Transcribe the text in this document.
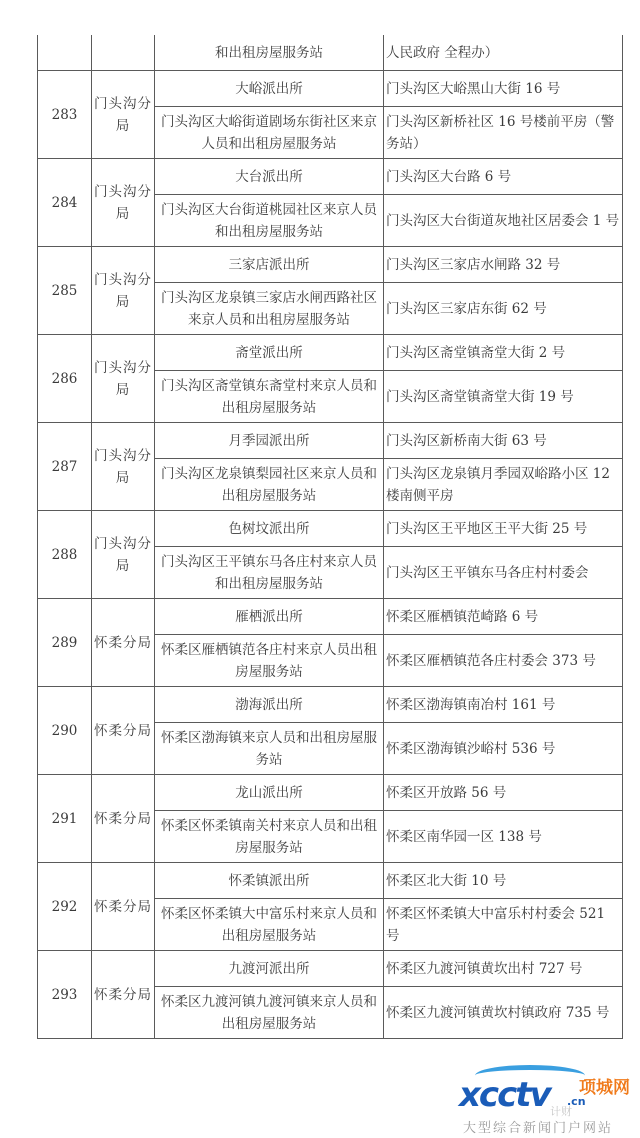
		和出租房屋服务站	人民政府 全程办）
283	门头沟分局	大峪派出所	门头沟区大峪黑山大街 16 号
		门头沟区大峪街道剧场东街社区来京人员和出租房屋服务站	门头沟区新桥社区 16 号楼前平房（警务站）
284	门头沟分局	大台派出所	门头沟区大台路 6 号
		门头沟区大台街道桃园社区来京人员和出租房屋服务站	门头沟区大台街道灰地社区居委会 1 号
285	门头沟分局	三家店派出所	门头沟区三家店水闸路 32 号
		门头沟区龙泉镇三家店水闸西路社区来京人员和出租房屋服务站	门头沟区三家店东街 62 号
286	门头沟分局	斋堂派出所	门头沟区斋堂镇斋堂大街 2 号
		门头沟区斋堂镇东斋堂村来京人员和出租房屋服务站	门头沟区斋堂镇斋堂大街 19 号
287	门头沟分局	月季园派出所	门头沟区新桥南大街 63 号
		门头沟区龙泉镇梨园社区来京人员和出租房屋服务站	门头沟区龙泉镇月季园双峪路小区 12 楼南侧平房
288	门头沟分局	色树坟派出所	门头沟区王平地区王平大街 25 号
		门头沟区王平镇东马各庄村来京人员和出租房屋服务站	门头沟区王平镇东马各庄村村委会
289	怀柔分局	雁栖派出所	怀柔区雁栖镇范崎路 6 号
		怀柔区雁栖镇范各庄村来京人员出租房屋服务站	怀柔区雁栖镇范各庄村委会 373 号
290	怀柔分局	渤海派出所	怀柔区渤海镇南冶村 161 号
		怀柔区渤海镇来京人员和出租房屋服务站	怀柔区渤海镇沙峪村 536 号
291	怀柔分局	龙山派出所	怀柔区开放路 56 号
		怀柔区怀柔镇南关村来京人员和出租房屋服务站	怀柔区南华园一区 138 号
292	怀柔分局	怀柔镇派出所	怀柔区北大街 10 号
		怀柔区怀柔镇大中富乐村来京人员和出租房屋服务站	怀柔区怀柔镇大中富乐村村委会 521 号
293	怀柔分局	九渡河派出所	怀柔区九渡河镇黄坎出村 727 号
		怀柔区九渡河镇九渡河镇来京人员和出租房屋服务站	怀柔区九渡河镇黄坎村镇政府 735 号
xcctv .cn
项城网
计财
大型综合新闻门户网站
